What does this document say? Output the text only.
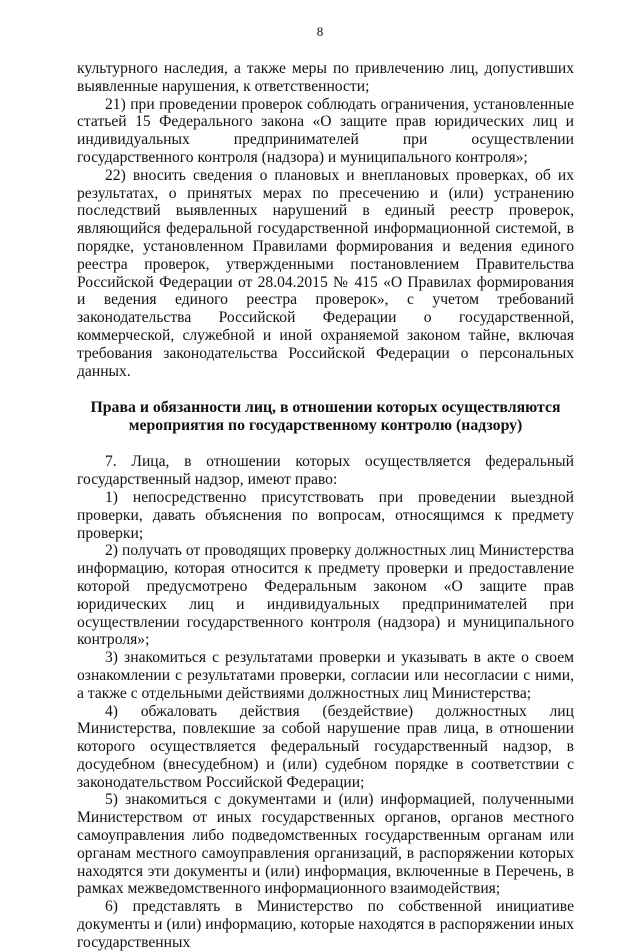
8

культурного наследия, а также меры по привлечению лиц, допустивших выявленные нарушения, к ответственности;

21) при проведении проверок соблюдать ограничения, установленные статьей 15 Федерального закона «О защите прав юридических лиц и индивидуальных предпринимателей при осуществлении государственного контроля (надзора) и муниципального контроля»;

22) вносить сведения о плановых и внеплановых проверках, об их результатах, о принятых мерах по пресечению и (или) устранению последствий выявленных нарушений в единый реестр проверок, являющийся федеральной государственной информационной системой, в порядке, установленном Правилами формирования и ведения единого реестра проверок, утвержденными постановлением Правительства Российской Федерации от 28.04.2015 № 415 «О Правилах формирования и ведения единого реестра проверок», с учетом требований законодательства Российской Федерации о государственной, коммерческой, служебной и иной охраняемой законом тайне, включая требования законодательства Российской Федерации о персональных данных.

Права и обязанности лиц, в отношении которых осуществляются
мероприятия по государственному контролю (надзору)

7. Лица, в отношении которых осуществляется федеральный государственный надзор, имеют право:

1) непосредственно присутствовать при проведении выездной проверки, давать объяснения по вопросам, относящимся к предмету проверки;

2) получать от проводящих проверку должностных лиц Министерства информацию, которая относится к предмету проверки и предоставление которой предусмотрено Федеральным законом «О защите прав юридических лиц и индивидуальных предпринимателей при осуществлении государственного контроля (надзора) и муниципального контроля»;

3) знакомиться с результатами проверки и указывать в акте о своем ознакомлении с результатами проверки, согласии или несогласии с ними, а также с отдельными действиями должностных лиц Министерства;

4) обжаловать действия (бездействие) должностных лиц Министерства, повлекшие за собой нарушение прав лица, в отношении которого осуществляется федеральный государственный надзор, в досудебном (внесудебном) и (или) судебном порядке в соответствии с законодательством Российской Федерации;

5) знакомиться с документами и (или) информацией, полученными Министерством от иных государственных органов, органов местного самоуправления либо подведомственных государственным органам или органам местного самоуправления организаций, в распоряжении которых находятся эти документы и (или) информация, включенные в Перечень, в рамках межведомственного информационного взаимодействия;

6) представлять в Министерство по собственной инициативе документы и (или) информацию, которые находятся в распоряжении иных государственных
